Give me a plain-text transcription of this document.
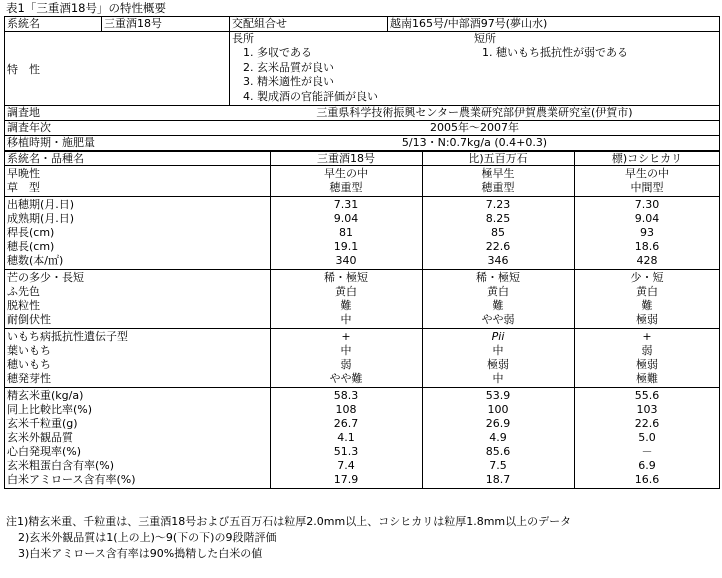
表1「三重酒18号」の特性概要
系統名	三重酒18号	交配組合せ	越南165号/中部酒97号(夢山水)
特　性
長所
1. 多収である
2. 玄米品質が良い
3. 精米適性が良い
4. 製成酒の官能評価が良い
短所
1. 穂いもち抵抗性が弱である
調査地	三重県科学技術振興センター農業研究部伊賀農業研究室(伊賀市)
調査年次	2005年～2007年
移植時期・施肥量	5/13・N:0.7kg/a (0.4+0.3)
系統名・品種名	三重酒18号	比)五百万石	標)コシヒカリ
早晩性	早生の中	極早生	早生の中
草　型	穂重型	穂重型	中間型
出穂期(月.日)	7.31	7.23	7.30
成熟期(月.日)	9.04	8.25	9.04
稈長(cm)	81	85	93
穂長(cm)	19.1	22.6	18.6
穂数(本/㎡)	340	346	428
芒の多少・長短	稀・極短	稀・極短	少・短
ふ先色	黄白	黄白	黄白
脱粒性	難	難	難
耐倒伏性	中	やや弱	極弱
いもち病抵抗性遺伝子型	+	Pii	+
葉いもち	中	中	弱
穂いもち	弱	極弱	極弱
穂発芽性	やや難	中	極難
精玄米重(kg/a)	58.3	53.9	55.6
同上比較比率(%)	108	100	103
玄米千粒重(g)	26.7	26.9	22.6
玄米外観品質	4.1	4.9	5.0
心白発現率(%)	51.3	85.6	－
玄米粗蛋白含有率(%)	7.4	7.5	6.9
白米アミロース含有率(%)	17.9	18.7	16.6
注1)精玄米重、千粒重は、三重酒18号および五百万石は粒厚2.0mm以上、コシヒカリは粒厚1.8mm以上のデータ
2)玄米外観品質は1(上の上)～9(下の下)の9段階評価
3)白米アミロース含有率は90%搗精した白米の値
